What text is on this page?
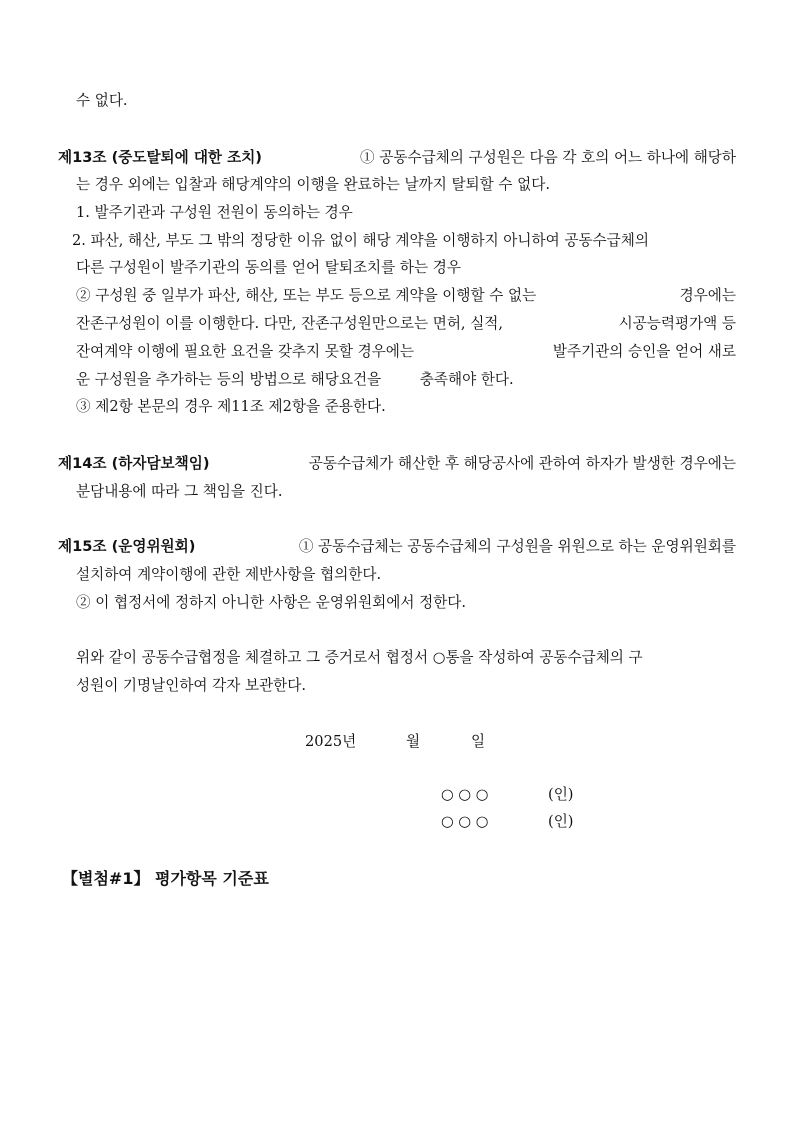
수 없다.
제13조 (중도탈퇴에 대한 조치)	① 공동수급체의 구성원은 다음 각 호의 어느 하나에 해당하
는 경우 외에는 입찰과 해당계약의 이행을 완료하는 날까지 탈퇴할 수 없다.
1. 발주기관과 구성원 전원이 동의하는 경우
2. 파산, 해산, 부도 그 밖의 정당한 이유 없이 해당 계약을 이행하지 아니하여 공동수급체의
다른 구성원이 발주기관의 동의를 얻어 탈퇴조치를 하는 경우
② 구성원 중 일부가 파산, 해산, 또는 부도 등으로 계약을 이행할 수 없는	경우에는
잔존구성원이 이를 이행한다. 다만, 잔존구성원만으로는 면허, 실적,	시공능력평가액 등
잔여계약 이행에 필요한 요건을 갖추지 못할 경우에는	발주기관의 승인을 얻어 새로
운 구성원을 추가하는 등의 방법으로 해당요건을	충족해야 한다.
③ 제2항 본문의 경우 제11조 제2항을 준용한다.
제14조 (하자담보책임)	공동수급체가 해산한 후 해당공사에 관하여 하자가 발생한 경우에는
분담내용에 따라 그 책임을 진다.
제15조 (운영위원회)	① 공동수급체는 공동수급체의 구성원을 위원으로 하는 운영위원회를
설치하여 계약이행에 관한 제반사항을 협의한다.
② 이 협정서에 정하지 아니한 사항은 운영위원회에서 정한다.
위와 같이 공동수급협정을 체결하고 그 증거로서 협정서 ○통을 작성하여 공동수급체의 구
성원이 기명날인하여 각자 보관한다.
2025년	월	일
○ ○ ○	(인)
○ ○ ○	(인)
【별첨#1】 평가항목 기준표
